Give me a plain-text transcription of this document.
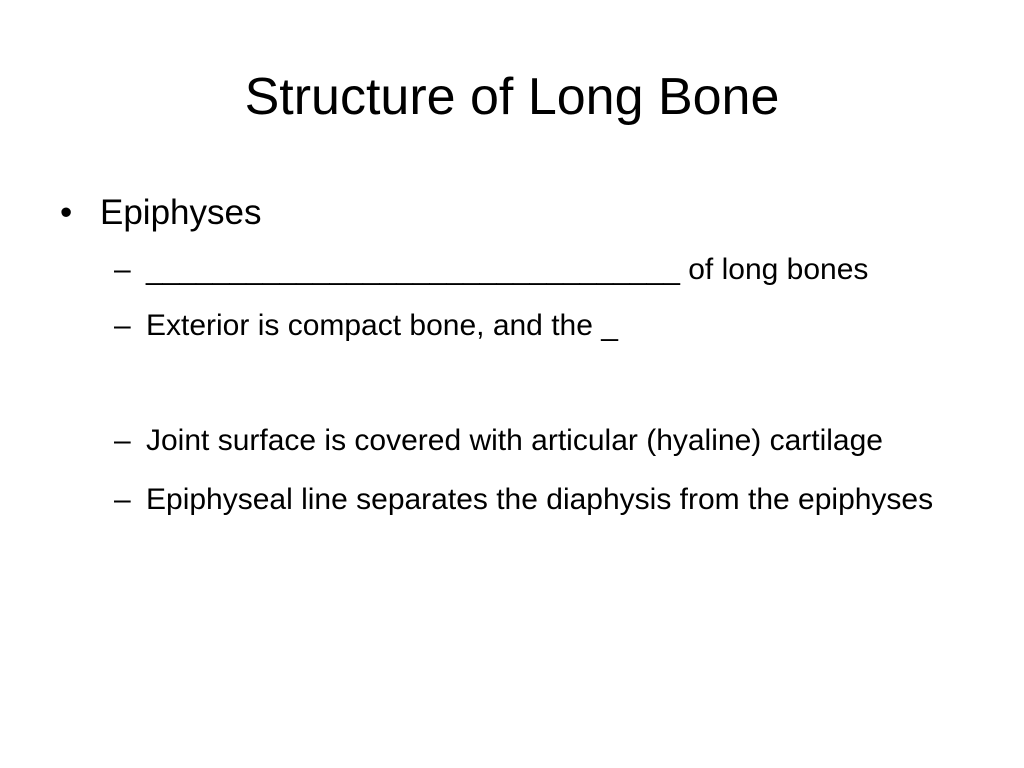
Structure of Long Bone
• Epiphyses
– ________________________________ of long bones
– Exterior is compact bone, and the _
– Joint surface is covered with articular (hyaline) cartilage
– Epiphyseal line separates the diaphysis from the epiphyses
